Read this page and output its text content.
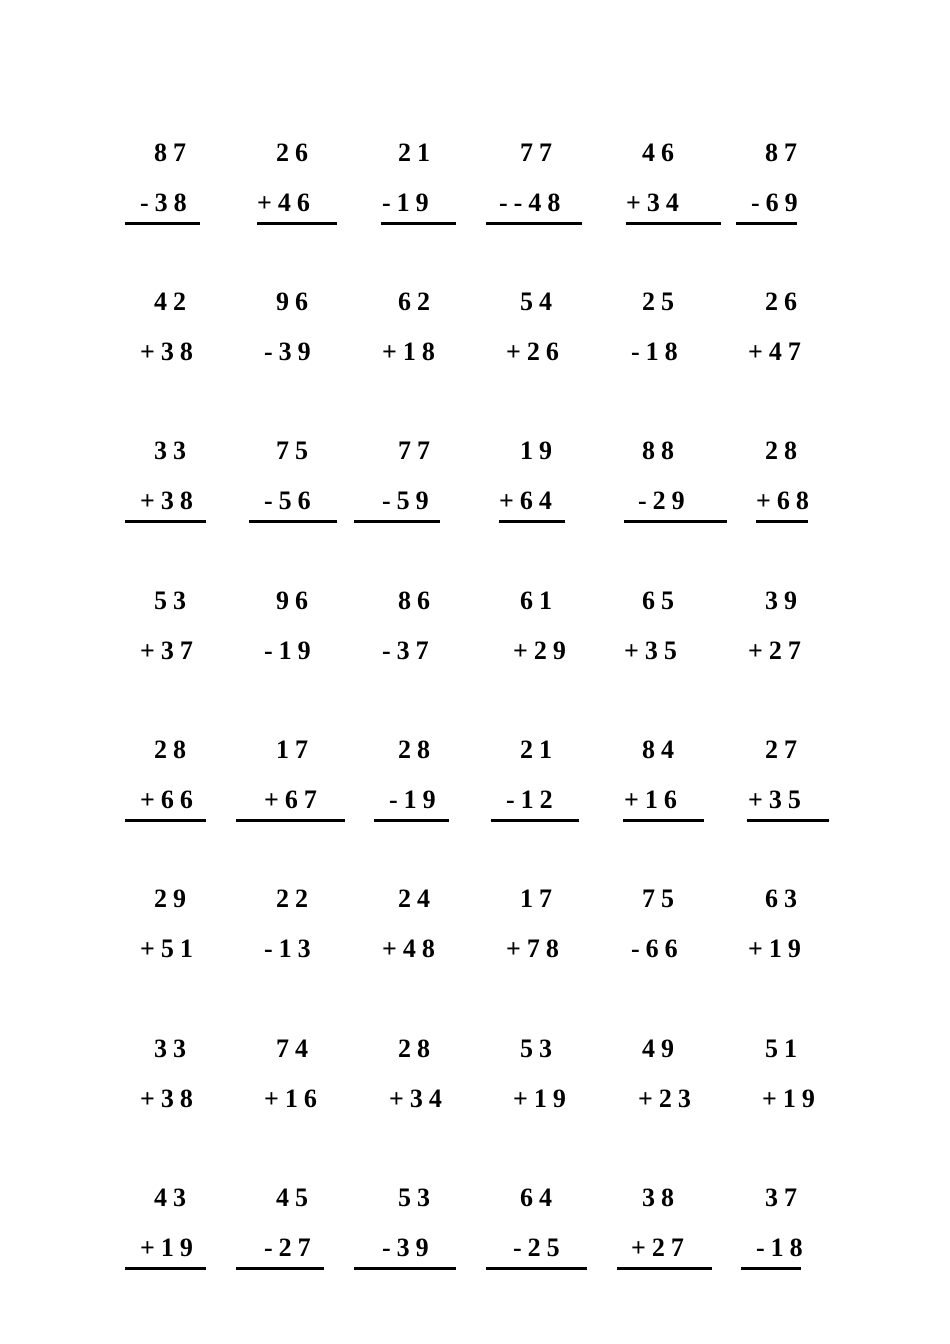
87
-38
26
+46
21
-19
77
--48
46
+34
87
-69
42
+38
96
-39
62
+18
54
+26
25
-18
26
+47
33
+38
75
-56
77
-59
19
+64
88
-29
28
+68
53
+37
96
-19
86
-37
61
+29
65
+35
39
+27
28
+66
17
+67
28
-19
21
-12
84
+16
27
+35
29
+51
22
-13
24
+48
17
+78
75
-66
63
+19
33
+38
74
+16
28
+34
53
+19
49
+23
51
+19
43
+19
45
-27
53
-39
64
-25
38
+27
37
-18
